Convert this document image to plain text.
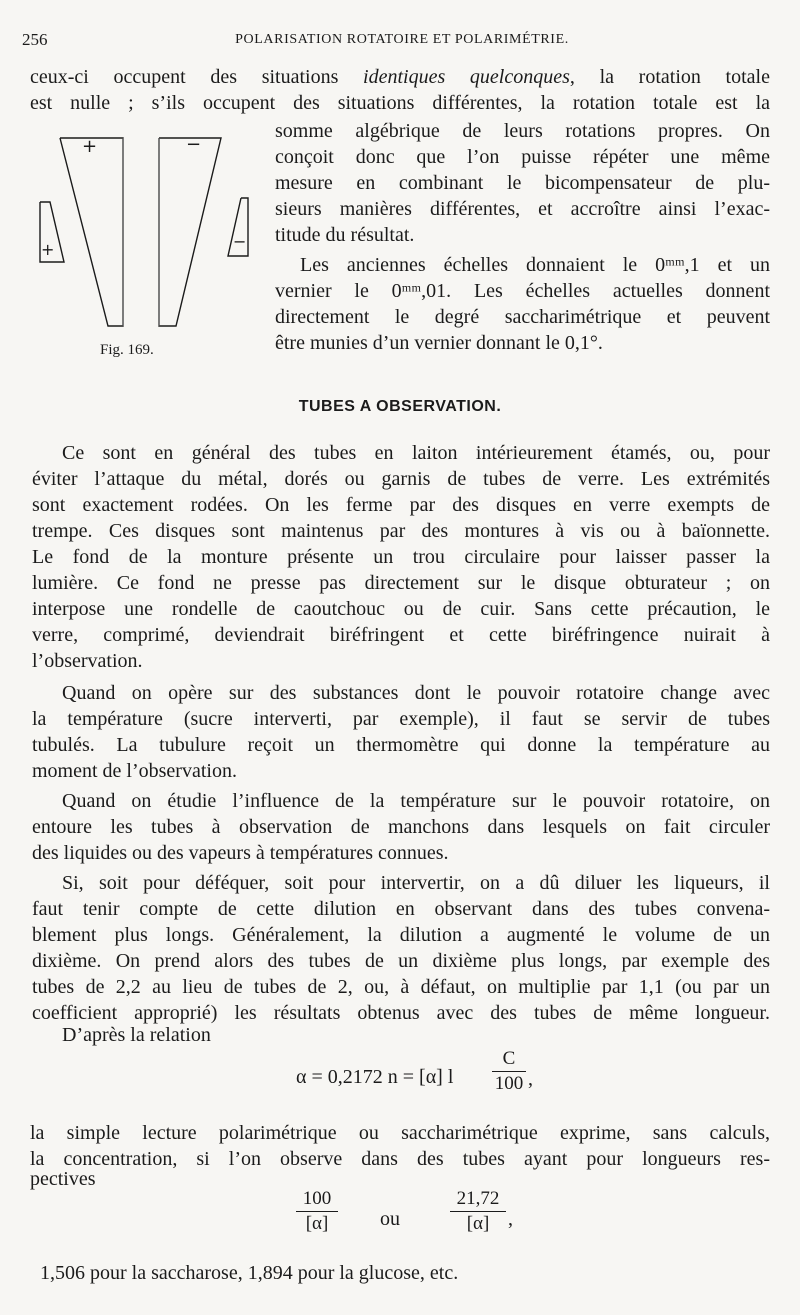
256	POLARISATION ROTATOIRE ET POLARIMÉTRIE.
ceux-ci occupent des situations identiques quelconques, la rotation totale
est nulle ; s’ils occupent des situations différentes, la rotation totale est la
somme algébrique de leurs rotations propres. On
conçoit donc que l’on puisse répéter une même
mesure en combinant le bicompensateur de plu-
sieurs manières différentes, et accroître ainsi l’exac-
titude du résultat.
Les anciennes échelles donnaient le 0ᵐᵐ,1 et un
vernier le 0ᵐᵐ,01. Les échelles actuelles donnent
directement le degré saccharimétrique et peuvent
être munies d’un vernier donnant le 0,1°.
+
+
−
−
Fig. 169.
TUBES A OBSERVATION.
Ce sont en général des tubes en laiton intérieurement étamés, ou, pour
éviter l’attaque du métal, dorés ou garnis de tubes de verre. Les extrémités
sont exactement rodées. On les ferme par des disques en verre exempts de
trempe. Ces disques sont maintenus par des montures à vis ou à baïonnette.
Le fond de la monture présente un trou circulaire pour laisser passer la
lumière. Ce fond ne presse pas directement sur le disque obturateur ; on
interpose une rondelle de caoutchouc ou de cuir. Sans cette précaution, le
verre, comprimé, deviendrait biréfringent et cette biréfringence nuirait à
l’observation.
Quand on opère sur des substances dont le pouvoir rotatoire change avec
la température (sucre interverti, par exemple), il faut se servir de tubes
tubulés. La tubulure reçoit un thermomètre qui donne la température au
moment de l’observation.
Quand on étudie l’influence de la température sur le pouvoir rotatoire, on
entoure les tubes à observation de manchons dans lesquels on fait circuler
des liquides ou des vapeurs à températures connues.
Si, soit pour déféquer, soit pour intervertir, on a dû diluer les liqueurs, il
faut tenir compte de cette dilution en observant dans des tubes convena-
blement plus longs. Généralement, la dilution a augmenté le volume de un
dixième. On prend alors des tubes de un dixième plus longs, par exemple des
tubes de 2,2 au lieu de tubes de 2, ou, à défaut, on multiplie par 1,1 (ou par un
coefficient approprié) les résultats obtenus avec des tubes de même longueur.
D’après la relation
α = 0,2172 n = [α] l
C
100 ,
la simple lecture polarimétrique ou saccharimétrique exprime, sans calculs,
la concentration, si l’on observe dans des tubes ayant pour longueurs res-
pectives
100
[α]	ou
21,72
[α] ,
1,506 pour la saccharose, 1,894 pour la glucose, etc.
